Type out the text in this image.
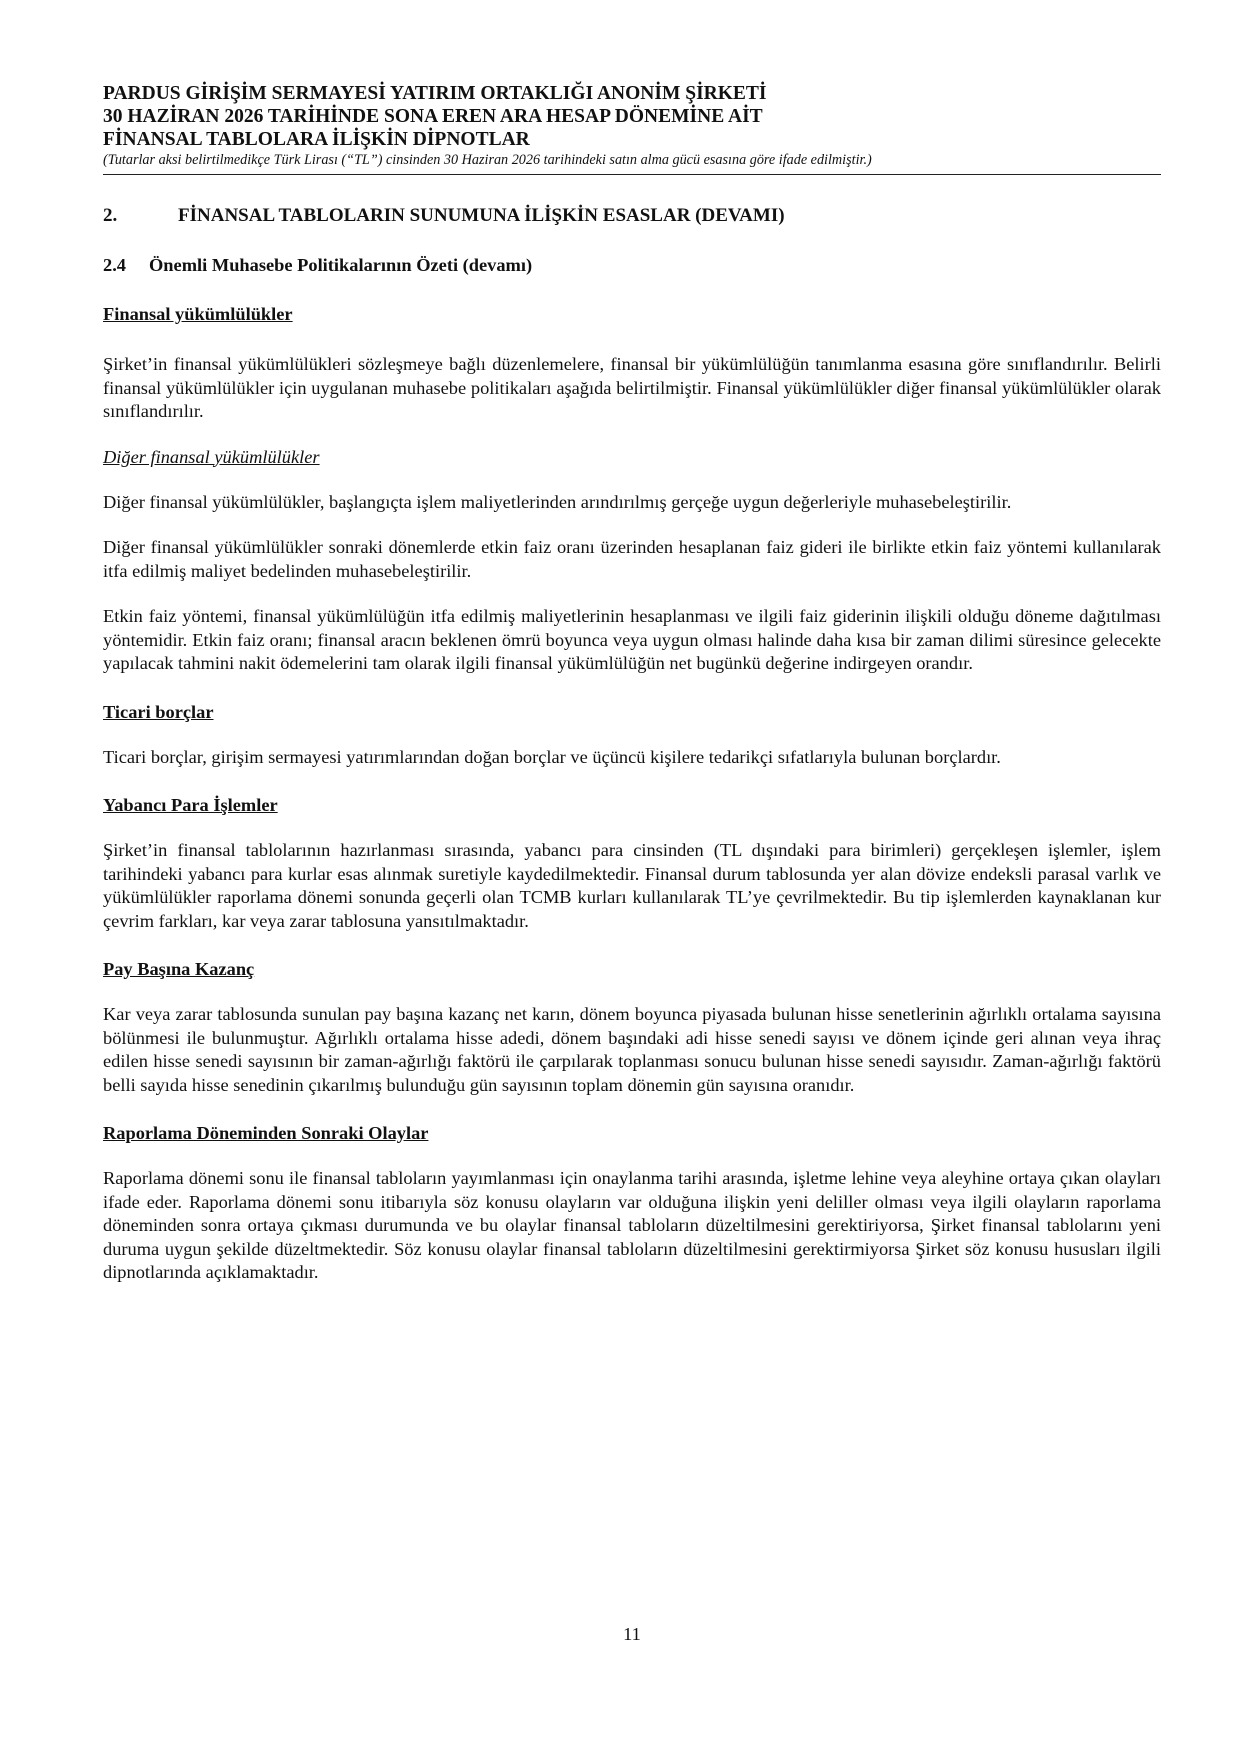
PARDUS GİRİŞİM SERMAYESİ YATIRIM ORTAKLIĞI ANONİM ŞİRKETİ
30 HAZİRAN 2026 TARİHİNDE SONA EREN ARA HESAP DÖNEMİNE AİT
FİNANSAL TABLOLARA İLİŞKİN DİPNOTLAR
(Tutarlar aksi belirtilmedikçe Türk Lirası (“TL”) cinsinden 30 Haziran 2026 tarihindeki satın alma gücü esasına göre ifade edilmiştir.)
2.	FİNANSAL TABLOLARIN SUNUMUNA İLİŞKİN ESASLAR (DEVAMI)
2.4	Önemli Muhasebe Politikalarının Özeti (devamı)
Finansal yükümlülükler
Şirket’in finansal yükümlülükleri sözleşmeye bağlı düzenlemelere, finansal bir yükümlülüğün tanımlanma esasına göre sınıflandırılır. Belirli finansal yükümlülükler için uygulanan muhasebe politikaları aşağıda belirtilmiştir. Finansal yükümlülükler diğer finansal yükümlülükler olarak sınıflandırılır.
Diğer finansal yükümlülükler
Diğer finansal yükümlülükler, başlangıçta işlem maliyetlerinden arındırılmış gerçeğe uygun değerleriyle muhasebeleştirilir.
Diğer finansal yükümlülükler sonraki dönemlerde etkin faiz oranı üzerinden hesaplanan faiz gideri ile birlikte etkin faiz yöntemi kullanılarak itfa edilmiş maliyet bedelinden muhasebeleştirilir.
Etkin faiz yöntemi, finansal yükümlülüğün itfa edilmiş maliyetlerinin hesaplanması ve ilgili faiz giderinin ilişkili olduğu döneme dağıtılması yöntemidir. Etkin faiz oranı; finansal aracın beklenen ömrü boyunca veya uygun olması halinde daha kısa bir zaman dilimi süresince gelecekte yapılacak tahmini nakit ödemelerini tam olarak ilgili finansal yükümlülüğün net bugünkü değerine indirgeyen orandır.
Ticari borçlar
Ticari borçlar, girişim sermayesi yatırımlarından doğan borçlar ve üçüncü kişilere tedarikçi sıfatlarıyla bulunan borçlardır.
Yabancı Para İşlemler
Şirket’in finansal tablolarının hazırlanması sırasında, yabancı para cinsinden (TL dışındaki para birimleri) gerçekleşen işlemler, işlem tarihindeki yabancı para kurlar esas alınmak suretiyle kaydedilmektedir. Finansal durum tablosunda yer alan dövize endeksli parasal varlık ve yükümlülükler raporlama dönemi sonunda geçerli olan TCMB kurları kullanılarak TL’ye çevrilmektedir. Bu tip işlemlerden kaynaklanan kur çevrim farkları, kar veya zarar tablosuna yansıtılmaktadır.
Pay Başına Kazanç
Kar veya zarar tablosunda sunulan pay başına kazanç net karın, dönem boyunca piyasada bulunan hisse senetlerinin ağırlıklı ortalama sayısına bölünmesi ile bulunmuştur. Ağırlıklı ortalama hisse adedi, dönem başındaki adi hisse senedi sayısı ve dönem içinde geri alınan veya ihraç edilen hisse senedi sayısının bir zaman-ağırlığı faktörü ile çarpılarak toplanması sonucu bulunan hisse senedi sayısıdır. Zaman-ağırlığı faktörü belli sayıda hisse senedinin çıkarılmış bulunduğu gün sayısının toplam dönemin gün sayısına oranıdır.
Raporlama Döneminden Sonraki Olaylar
Raporlama dönemi sonu ile finansal tabloların yayımlanması için onaylanma tarihi arasında, işletme lehine veya aleyhine ortaya çıkan olayları ifade eder. Raporlama dönemi sonu itibarıyla söz konusu olayların var olduğuna ilişkin yeni deliller olması veya ilgili olayların raporlama döneminden sonra ortaya çıkması durumunda ve bu olaylar finansal tabloların düzeltilmesini gerektiriyorsa, Şirket finansal tablolarını yeni duruma uygun şekilde düzeltmektedir. Söz konusu olaylar finansal tabloların düzeltilmesini gerektirmiyorsa Şirket söz konusu hususları ilgili dipnotlarında açıklamaktadır.
11
